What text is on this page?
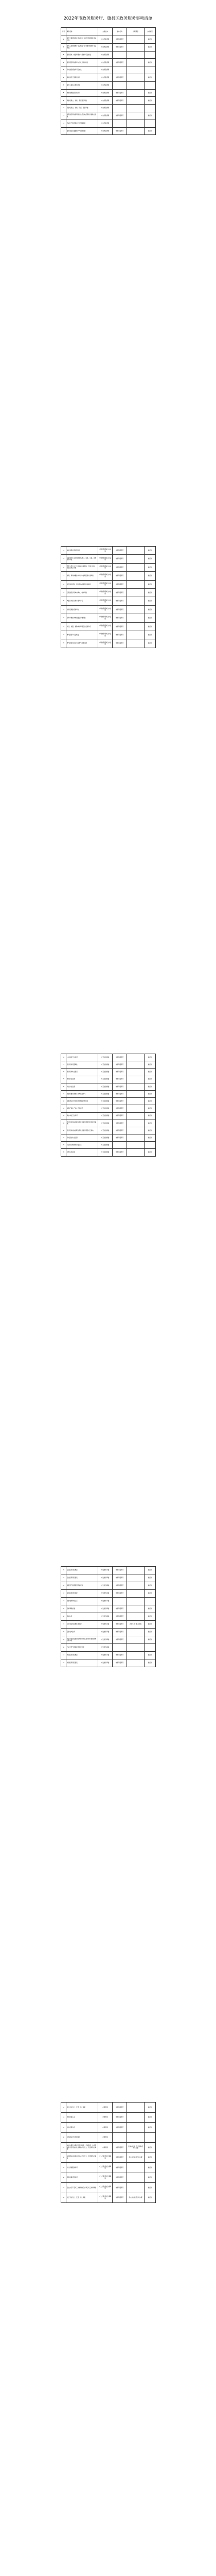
2022年市政务服务厅、旗县区政务服务事项清单
序号	事项名称	实施主体	承办机构	办理情形	办件类型
1	建设工程规划类许可证核发（建设工程规划许可证核发）	市自然资源局	市政务服务厅		承诺件
2	建设工程规划类许可证核发（乡村建设规划许可证核发）	市自然资源局	市政务服务厅		承诺件
3	建设用地（含临时用地）规划许可证核发	市自然资源局			
4	建设项目用地预审与选址意见书核发	市自然资源局	市政务服务厅		承诺件
5	乡村建设规划许可证核发	市自然资源局			
6	临时建设工程规划许可	市自然资源局	市政务服务厅		承诺件
7	建设工程竣工规划核实	市自然资源局			
8	测绘地理信息行政许可	市自然资源局	市政务服务厅		承诺件
9	采矿权新立、延续、变更登记审批	市自然资源局	市政务服务厅		承诺件
10	探矿权新立、延续、保留、变更审批	市自然资源局			
11	国有建设用地使用权出让后土地使用权分割转让批准	市自然资源局	市政务服务厅		承诺件
12	开采矿产资源划定矿区范围批准	市自然资源局			
13	建设项目压覆重要矿产资源审批	市自然资源局	市政务服务厅		承诺件
14	城市建筑垃圾处置核准	市城市管理综合执法局	市政务服务厅		承诺件
15	从事城市生活垃圾经营性清扫、收集、运输、处理服务审批	市城市管理综合执法局	市政务服务厅		承诺件
16	设置大型户外广告及在城市建筑物、设施上悬挂、张贴宣传品审批	市城市管理综合执法局	市政务服务厅		承诺件
17	拆除、移动城镇排水与污水处理设施方案审核	市城市管理综合执法局	市政务服务厅		承诺件
18	改变绿化规划、绿化用地的使用性质审批	市城市管理综合执法局	市政务服务厅		承诺件
19	工程建设涉及城市绿地、树木审批	市城市管理综合执法局	市政务服务厅		承诺件
20	城镇污水排入排水管网许可	市城市管理综合执法局	市政务服务厅		承诺件
21	市政设施建设类审批	市城市管理综合执法局	市政务服务厅		承诺件
22	特殊车辆在城市道路上行驶审批	市城市管理综合执法局	市政务服务厅		承诺件
23	关闭、闲置、拆除城市环境卫生设施许可	市城市管理综合执法局	市政务服务厅		承诺件
24	燃气经营许可证核发	市城市管理综合执法局	市政务服务厅		承诺件
25	燃气经营者改动市政燃气设施审批	市城市管理综合执法局	市政务服务厅		承诺件
26	公共场所卫生许可	市卫生健康委	市政务服务厅		承诺件
27	医疗机构设置审批	市卫生健康委	市政务服务厅		承诺件
28	医疗机构执业登记	市卫生健康委	市政务服务厅		承诺件
29	医师执业注册	市卫生健康委	市政务服务厅		承诺件
30	护士执业注册	市卫生健康委	市政务服务厅		承诺件
31	母婴保健技术服务机构执业许可	市卫生健康委	市政务服务厅		承诺件
32	放射源诊疗技术和医用辐射机构许可	市卫生健康委	市政务服务厅		承诺件
33	消毒产品生产企业卫生许可	市卫生健康委	市政务服务厅		承诺件
34	供水单位卫生许可	市卫生健康委	市政务服务厅		承诺件
35	医疗机构放射性职业病危害建设项目预评价报告审核	市卫生健康委	市政务服务厅		承诺件
36	医疗机构放射性职业病危害建设项目竣工验收	市卫生健康委	市政务服务厅		承诺件
37	乡村医生执业注册	市卫生健康委	市政务服务厅		承诺件
38	职业病诊断医师资格认定	市卫生健康委			
39	中医诊所备案	市卫生健康委	市政务服务厅		承诺件
40	企业投资项目核准	市发展改革委	市政务服务厅		承诺件
41	企业投资项目备案	市发展改革委	市政务服务厅		承诺件
42	固定资产投资项目节能审查	市发展改革委	市政务服务厅		承诺件
43	政府投资项目审批	市发展改革委	市政务服务厅		承诺件
44	粮食收购资格认定	市发展改革委			
45	招标事项核准	市发展改革委	市政务服务厅		承诺件
46	价格认定	市发展改革委	市政务服务厅		承诺件
47	行政事业性收费标准审批	市发展改革委	市政务服务厅	涉及多部门联合审查	承诺件
48	定价成本监审	市发展改革委	市政务服务厅		承诺件
49	新建不能满足管道保护要求的石油天然气管道防护方案审批	市发展改革委	市政务服务厅		承诺件
50	石油天然气管道建设项目审批	市发展改革委			
51	外商投资项目核准	市发展改革委	市政务服务厅		承诺件
52	外商投资项目备案	市发展改革委	市政务服务厅		承诺件
53	民办学校设立、变更、终止审批	市教育局	市政务服务厅		承诺件
54	教师资格认定	市教育局	市政务服务厅		承诺件
55	校车使用许可	市教育局	市政务服务厅		承诺件
56	中等职业学校设置审批	市教育局			
57	实施中等及中等以下学历教育、学前教育、自学考试助学及其他文化教育的学校设立、变更和终止审批	市教育局	市政务服务厅	需实地核查、专家评审后方可办理	承诺件
58	实施职业技能培训的民办学校设立、变更和终止审批	市人力资源社会保障局	市政务服务厅	需实地核查后方可办理	承诺件
59	人力资源服务许可	市人力资源社会保障局	市政务服务厅		承诺件
60	劳务派遣经营许可	市人力资源社会保障局	市政务服务厅		承诺件
61	企业实行不定时工作制和综合计算工时工作制审批	市人力资源社会保障局	市政务服务厅		承诺件
62	技工学校设立、变更、终止审批	市人力资源社会保障局	市政务服务厅	需实地核查后方可办理	承诺件
